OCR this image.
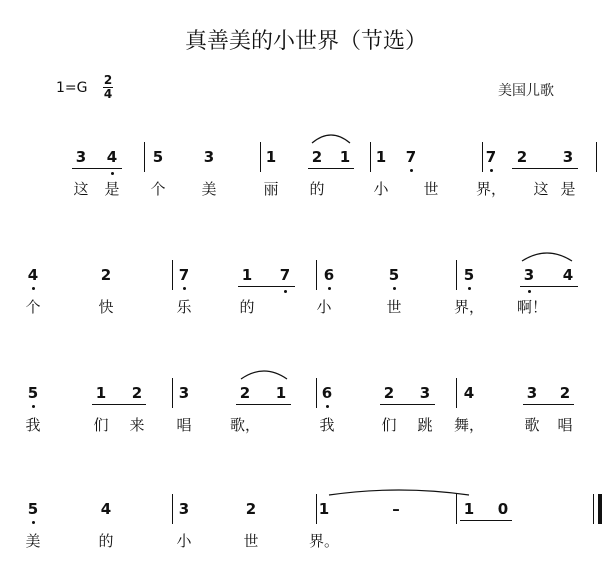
真善美的小世界（节选）
1=G 2
4	美国儿歌
3 4 5	3	1 2 1 1 7	7 2 3
这 是 个 美	丽 的	小 世 界， 这 是
4	2	7	1 7 6	5	5	3 4
个	快	乐	的	小	世	界， 啊！
5	1 2 3	2 1 6	2 3 4	3 2
我	们 来 唱	歌，	我	们 跳 舞，	歌 唱
5	4	3	2	1	–	1 0
美	的	小	世	界。
